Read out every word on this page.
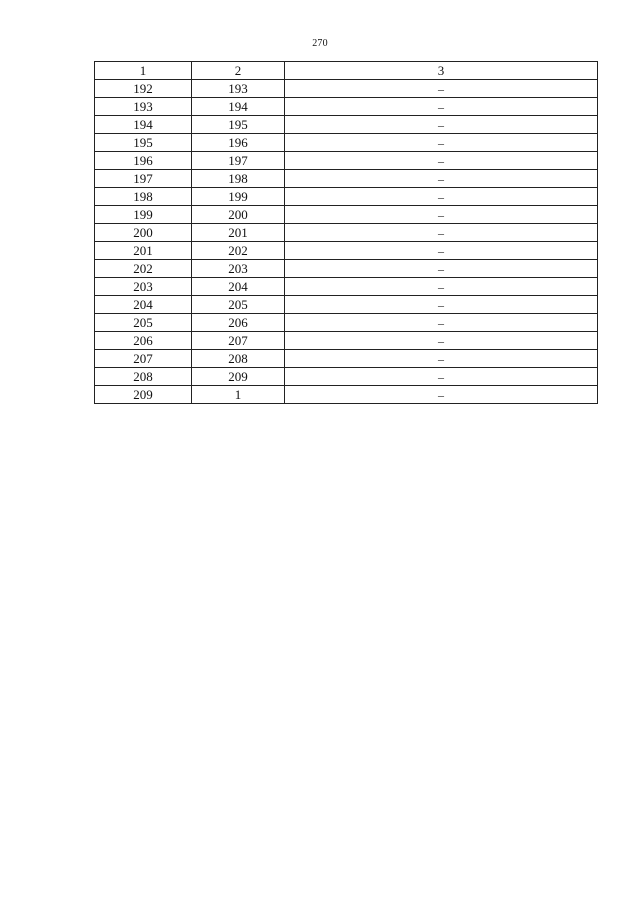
270
1	2	3
192	193	–
193	194	–
194	195	–
195	196	–
196	197	–
197	198	–
198	199	–
199	200	–
200	201	–
201	202	–
202	203	–
203	204	–
204	205	–
205	206	–
206	207	–
207	208	–
208	209	–
209	1	–
